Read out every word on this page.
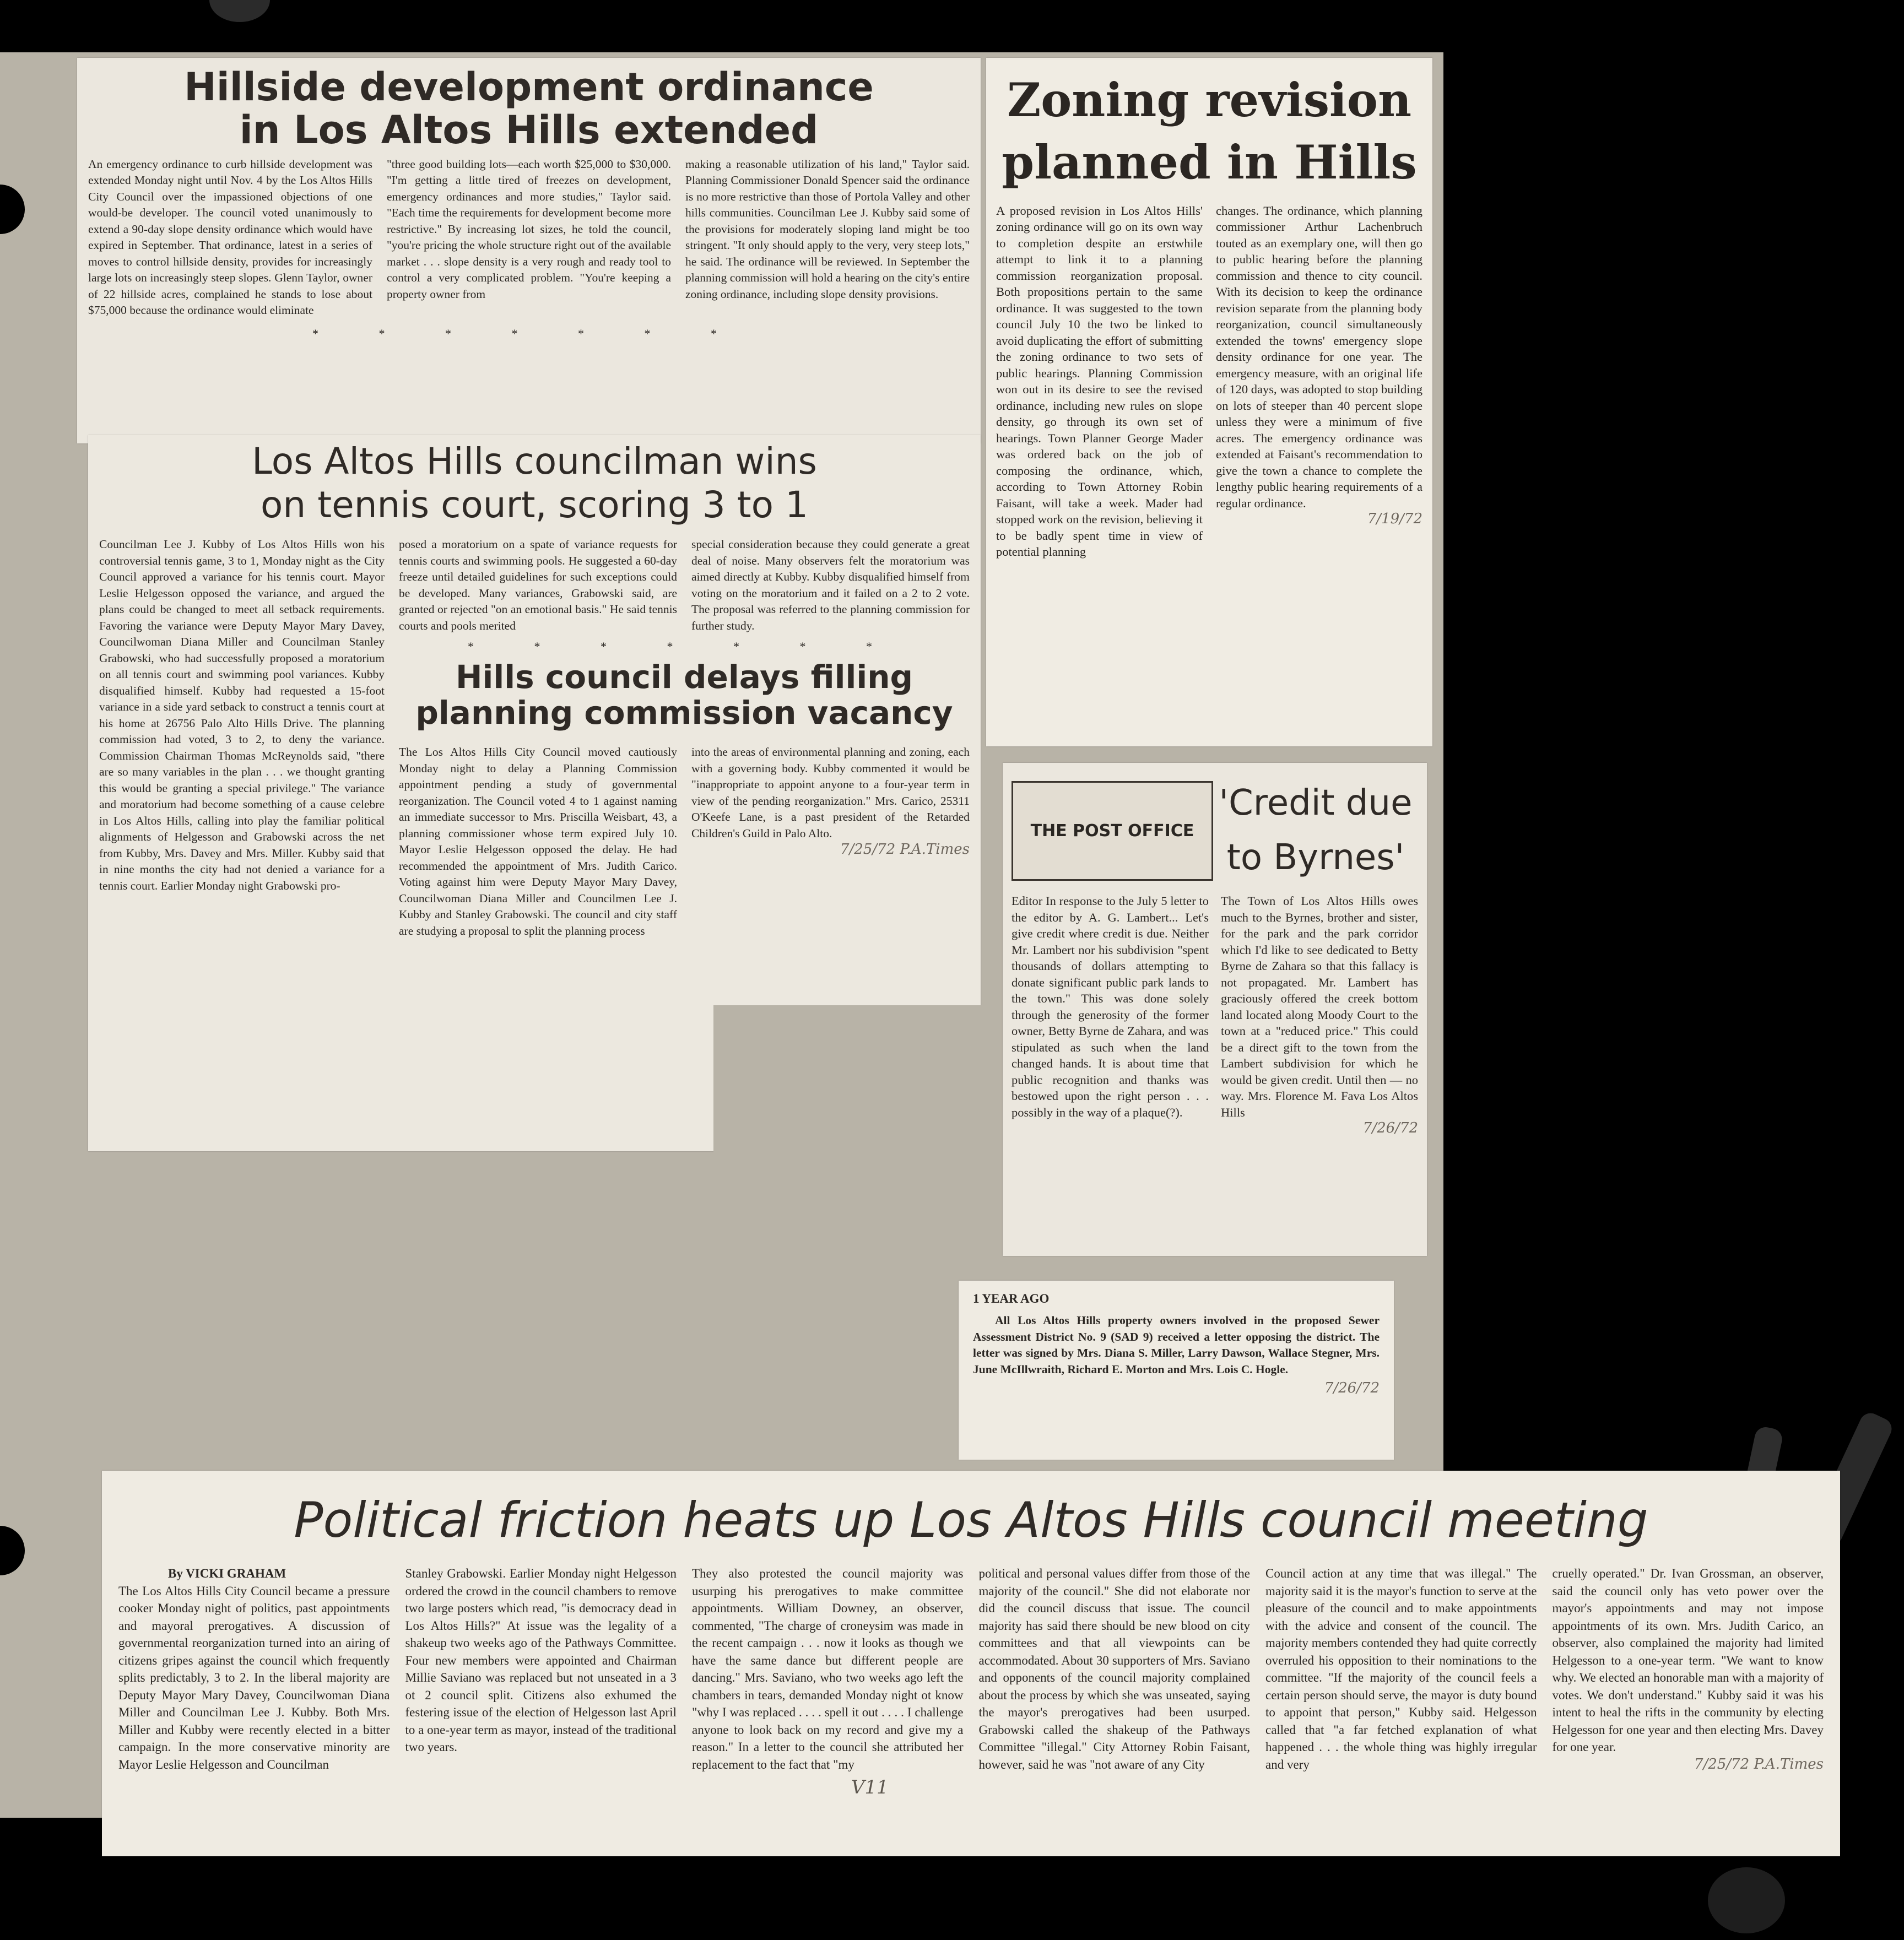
Hillside development ordinance
in Los Altos Hills extended
An emergency ordinance to curb hillside development was extended Monday night until Nov. 4 by the Los Altos Hills City Council over the impassioned objections of one would-be developer. The council voted unanimously to extend a 90-day slope density ordinance which would have expired in September. That ordinance, latest in a series of moves to control hillside density, provides for increasingly large lots on increasingly steep slopes. Glenn Taylor, owner of 22 hillside acres, complained he stands to lose about $75,000 because the ordinance would eliminate
"three good building lots—each worth $25,000 to $30,000. "I'm getting a little tired of freezes on development, emergency ordinances and more studies," Taylor said. "Each time the requirements for development become more restrictive." By increasing lot sizes, he told the council, "you're pricing the whole structure right out of the available market . . . slope density is a very rough and ready tool to control a very complicated problem. "You're keeping a property owner from
making a reasonable utilization of his land," Taylor said. Planning Commissioner Donald Spencer said the ordinance is no more restrictive than those of Portola Valley and other hills communities. Councilman Lee J. Kubby said some of the provisions for moderately sloping land might be too stringent. "It only should apply to the very, very steep lots," he said. The ordinance will be reviewed. In September the planning commission will hold a hearing on the city's entire zoning ordinance, including slope density provisions.
* * * * * * *
Los Altos Hills councilman wins
on tennis court, scoring 3 to 1
Councilman Lee J. Kubby of Los Altos Hills won his controversial tennis game, 3 to 1, Monday night as the City Council approved a variance for his tennis court. Mayor Leslie Helgesson opposed the variance, and argued the plans could be changed to meet all setback requirements. Favoring the variance were Deputy Mayor Mary Davey, Councilwoman Diana Miller and Councilman Stanley Grabowski, who had successfully proposed a moratorium on all tennis court and swimming pool variances. Kubby disqualified himself. Kubby had requested a 15-foot variance in a side yard setback to construct a tennis court at his home at 26756 Palo Alto Hills Drive. The planning commission had voted, 3 to 2, to deny the variance. Commission Chairman Thomas McReynolds said, "there are so many variables in the plan . . . we thought granting this would be granting a special privilege." The variance and moratorium had become something of a cause celebre in Los Altos Hills, calling into play the familiar political alignments of Helgesson and Grabowski across the net from Kubby, Mrs. Davey and Mrs. Miller. Kubby said that in nine months the city had not denied a variance for a tennis court. Earlier Monday night Grabowski pro-
posed a moratorium on a spate of variance requests for tennis courts and swimming pools. He suggested a 60-day freeze until detailed guidelines for such exceptions could be developed. Many variances, Grabowski said, are granted or rejected "on an emotional basis." He said tennis courts and pools merited
special consideration because they could generate a great deal of noise. Many observers felt the moratorium was aimed directly at Kubby. Kubby disqualified himself from voting on the moratorium and it failed on a 2 to 2 vote. The proposal was referred to the planning commission for further study.
* * * * * * *
Hills council delays filling
planning commission vacancy
The Los Altos Hills City Council moved cautiously Monday night to delay a Planning Commission appointment pending a study of governmental reorganization. The Council voted 4 to 1 against naming an immediate successor to Mrs. Priscilla Weisbart, 43, a planning commissioner whose term expired July 10. Mayor Leslie Helgesson opposed the delay. He had recommended the appointment of Mrs. Judith Carico. Voting against him were Deputy Mayor Mary Davey, Councilwoman Diana Miller and Councilmen Lee J. Kubby and Stanley Grabowski. The council and city staff are studying a proposal to split the planning process
into the areas of environmental planning and zoning, each with a governing body. Kubby commented it would be "inappropriate to appoint anyone to a four-year term in view of the pending reorganization." Mrs. Carico, 25311 O'Keefe Lane, is a past president of the Retarded Children's Guild in Palo Alto.
7/25/72 P.A.Times
Zoning revision
planned in Hills
A proposed revision in Los Altos Hills' zoning ordinance will go on its own way to completion despite an erstwhile attempt to link it to a planning commission reorganization proposal. Both propositions pertain to the same ordinance. It was suggested to the town council July 10 the two be linked to avoid duplicating the effort of submitting the zoning ordinance to two sets of public hearings. Planning Commission won out in its desire to see the revised ordinance, including new rules on slope density, go through its own set of hearings. Town Planner George Mader was ordered back on the job of composing the ordinance, which, according to Town Attorney Robin Faisant, will take a week. Mader had stopped work on the revision, believing it to be badly spent time in view of potential planning
changes. The ordinance, which planning commissioner Arthur Lachenbruch touted as an exemplary one, will then go to public hearing before the planning commission and thence to city council. With its decision to keep the ordinance revision separate from the planning body reorganization, council simultaneously extended the towns' emergency slope density ordinance for one year. The emergency measure, with an original life of 120 days, was adopted to stop building on lots of steeper than 40 percent slope unless they were a minimum of five acres. The emergency ordinance was extended at Faisant's recommendation to give the town a chance to complete the lengthy public hearing requirements of a regular ordinance.
7/19/72
THE POST OFFICE
'Credit due
to Byrnes'
Editor In response to the July 5 letter to the editor by A. G. Lambert... Let's give credit where credit is due. Neither Mr. Lambert nor his subdivision "spent thousands of dollars attempting to donate significant public park lands to the town." This was done solely through the generosity of the former owner, Betty Byrne de Zahara, and was stipulated as such when the land changed hands. It is about time that public recognition and thanks was bestowed upon the right person . . . possibly in the way of a plaque(?).
The Town of Los Altos Hills owes much to the Byrnes, brother and sister, for the park and the park corridor which I'd like to see dedicated to Betty Byrne de Zahara so that this fallacy is not propagated. Mr. Lambert has graciously offered the creek bottom land located along Moody Court to the town at a "reduced price." This could be a direct gift to the town from the Lambert subdivision for which he would be given credit. Until then — no way. Mrs. Florence M. Fava Los Altos Hills
7/26/72
1 YEAR AGO
All Los Altos Hills property owners involved in the proposed Sewer Assessment District No. 9 (SAD 9) received a letter opposing the district. The letter was signed by Mrs. Diana S. Miller, Larry Dawson, Wallace Stegner, Mrs. June McIllwraith, Richard E. Morton and Mrs. Lois C. Hogle.
7/26/72
Political friction heats up Los Altos Hills council meeting
By VICKI GRAHAM
The Los Altos Hills City Council became a pressure cooker Monday night of politics, past appointments and mayoral prerogatives. A discussion of governmental reorganization turned into an airing of citizens gripes against the council which frequently splits predictably, 3 to 2. In the liberal majority are Deputy Mayor Mary Davey, Councilwoman Diana Miller and Councilman Lee J. Kubby. Both Mrs. Miller and Kubby were recently elected in a bitter campaign. In the more conservative minority are Mayor Leslie Helgesson and Councilman
Stanley Grabowski. Earlier Monday night Helgesson ordered the crowd in the council chambers to remove two large posters which read, "is democracy dead in Los Altos Hills?" At issue was the legality of a shakeup two weeks ago of the Pathways Committee. Four new members were appointed and Chairman Millie Saviano was replaced but not unseated in a 3 ot 2 council split. Citizens also exhumed the festering issue of the election of Helgesson last April to a one-year term as mayor, instead of the traditional two years.
They also protested the council majority was usurping his prerogatives to make committee appointments. William Downey, an observer, commented, "The charge of croneysim was made in the recent campaign . . . now it looks as though we have the same dance but different people are dancing." Mrs. Saviano, who two weeks ago left the chambers in tears, demanded Monday night ot know "why I was replaced . . . . spell it out . . . . I challenge anyone to look back on my record and give my a reason." In a letter to the council she attributed her replacement to the fact that "my
political and personal values differ from those of the majority of the council." She did not elaborate nor did the council discuss that issue. The council majority has said there should be new blood on city committees and that all viewpoints can be accommodated. About 30 supporters of Mrs. Saviano and opponents of the council majority complained about the process by which she was unseated, saying the mayor's prerogatives had been usurped. Grabowski called the shakeup of the Pathways Committee "illegal." City Attorney Robin Faisant, however, said he was "not aware of any City
Council action at any time that was illegal." The majority said it is the mayor's function to serve at the pleasure of the council and to make appointments with the advice and consent of the council. The majority members contended they had quite correctly overruled his opposition to their nominations to the committee. "If the majority of the council feels a certain person should serve, the mayor is duty bound to appoint that person," Kubby said. Helgesson called that "a far fetched explanation of what happened . . . the whole thing was highly irregular and very
cruelly operated." Dr. Ivan Grossman, an observer, said the council only has veto power over the mayor's appointments and may not impose appointments of its own. Mrs. Judith Carico, an observer, also complained the majority had limited Helgesson to a one-year term. "We want to know why. We elected an honorable man with a majority of votes. We don't understand." Kubby said it was his intent to heal the rifts in the community by electing Helgesson for one year and then electing Mrs. Davey for one year.
7/25/72 P.A.Times
V11
